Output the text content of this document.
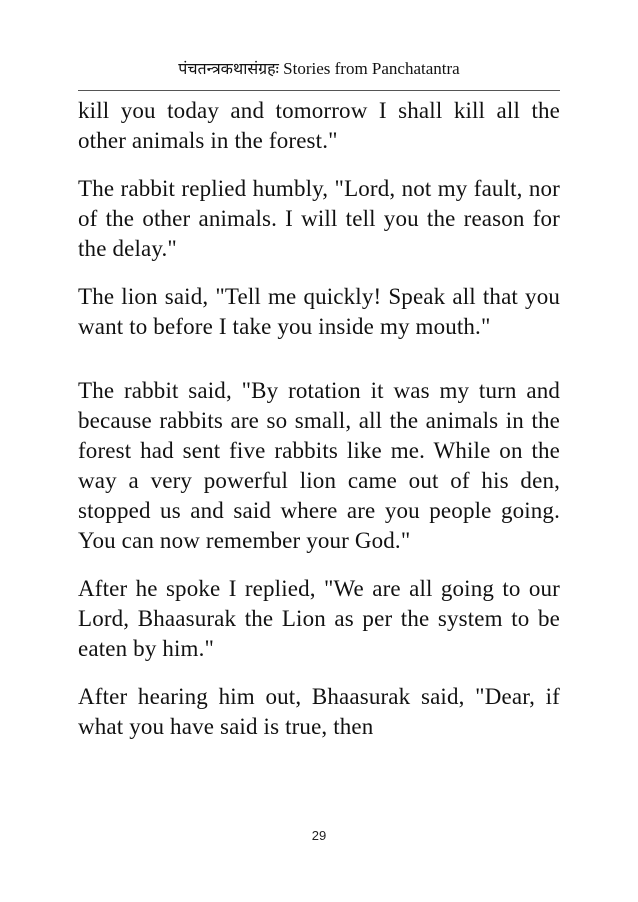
पंचतन्त्रकथासंग्रहः Stories from Panchatantra

kill you today and tomorrow I shall kill all the other animals in the forest."

The rabbit replied humbly, "Lord, not my fault, nor of the other animals. I will tell you the reason for the delay."

The lion said, "Tell me quickly! Speak all that you want to before I take you inside my mouth."

The rabbit said, "By rotation it was my turn and because rabbits are so small, all the animals in the forest had sent five rabbits like me. While on the way a very powerful lion came out of his den, stopped us and said where are you people going. You can now remember your God."

After he spoke I replied, "We are all going to our Lord, Bhaasurak the Lion as per the system to be eaten by him."

After hearing him out, Bhaasurak said, "Dear, if what you have said is true, then

29
